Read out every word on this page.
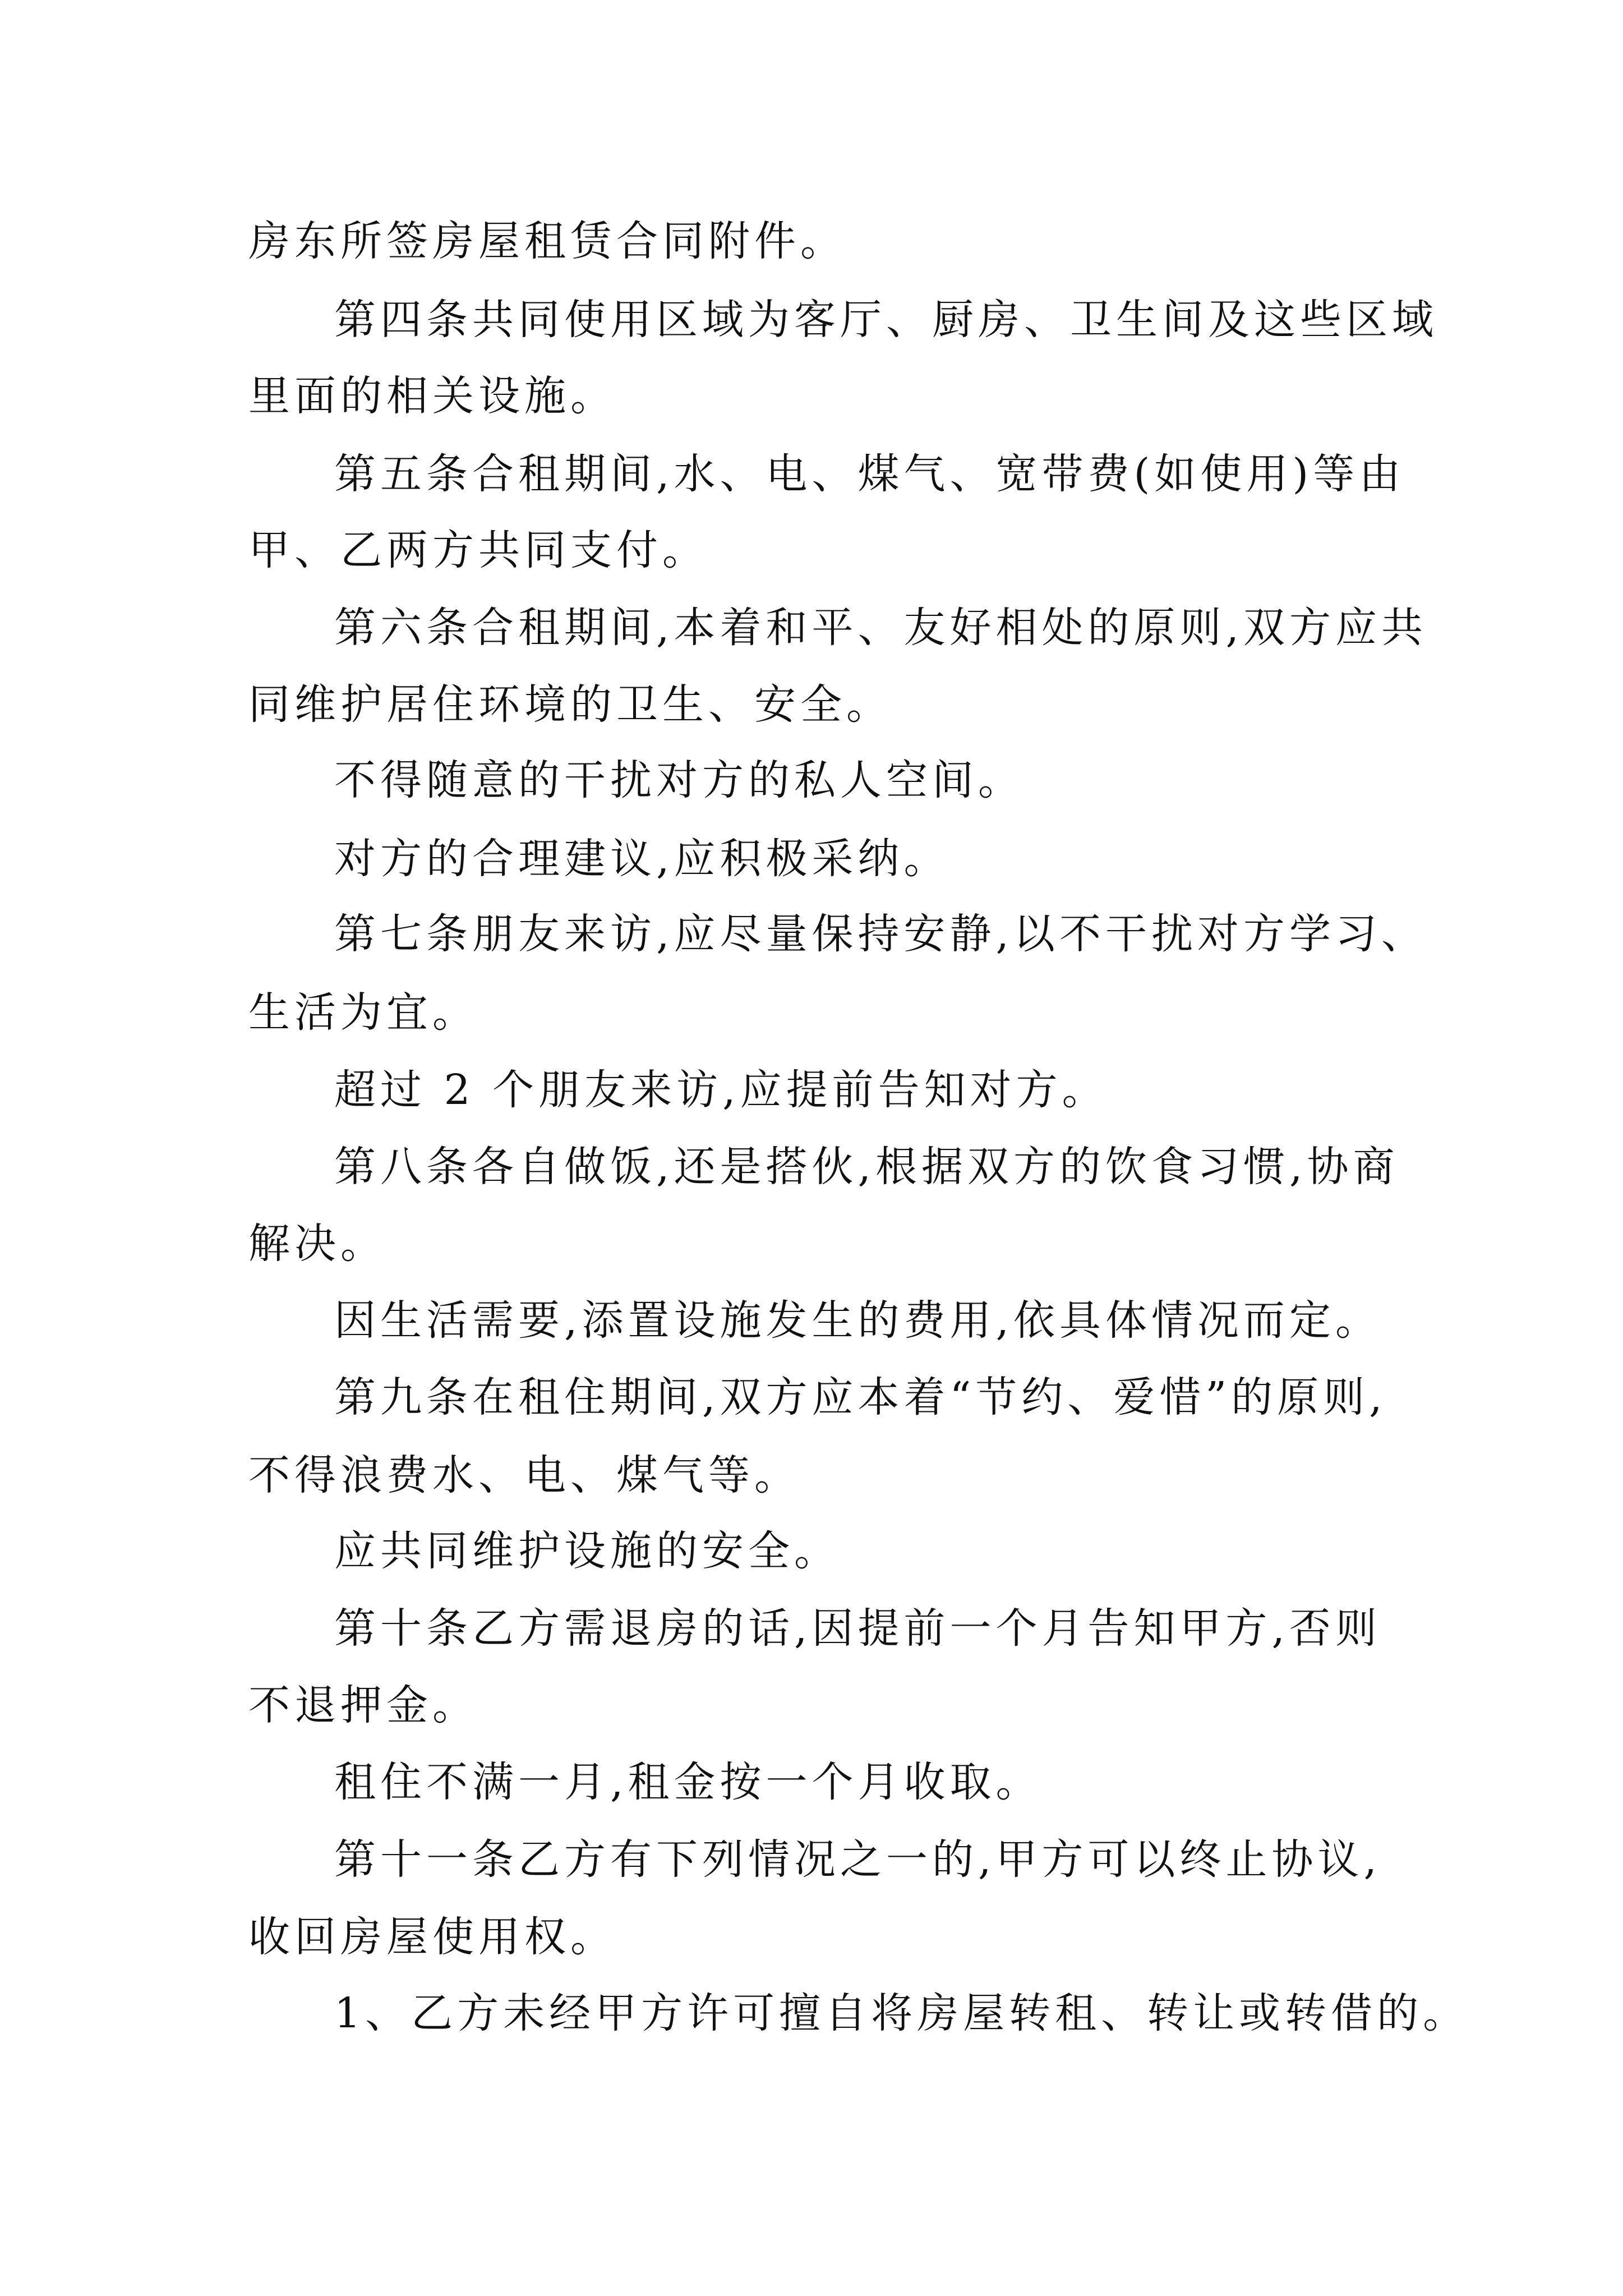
房东所签房屋租赁合同附件。
第四条共同使用区域为客厅、厨房、卫生间及这些区域
里面的相关设施。
第五条合租期间,水、电、煤气、宽带费(如使用)等由
甲、乙两方共同支付。
第六条合租期间,本着和平、友好相处的原则,双方应共
同维护居住环境的卫生、安全。
不得随意的干扰对方的私人空间。
对方的合理建议,应积极采纳。
第七条朋友来访,应尽量保持安静,以不干扰对方学习、
生活为宜。
超过 2 个朋友来访,应提前告知对方。
第八条各自做饭,还是搭伙,根据双方的饮食习惯,协商
解决。
因生活需要,添置设施发生的费用,依具体情况而定。
第九条在租住期间,双方应本着“节约、爱惜”的原则,
不得浪费水、电、煤气等。
应共同维护设施的安全。
第十条乙方需退房的话,因提前一个月告知甲方,否则
不退押金。
租住不满一月,租金按一个月收取。
第十一条乙方有下列情况之一的,甲方可以终止协议,
收回房屋使用权。
1、乙方未经甲方许可擅自将房屋转租、转让或转借的。
